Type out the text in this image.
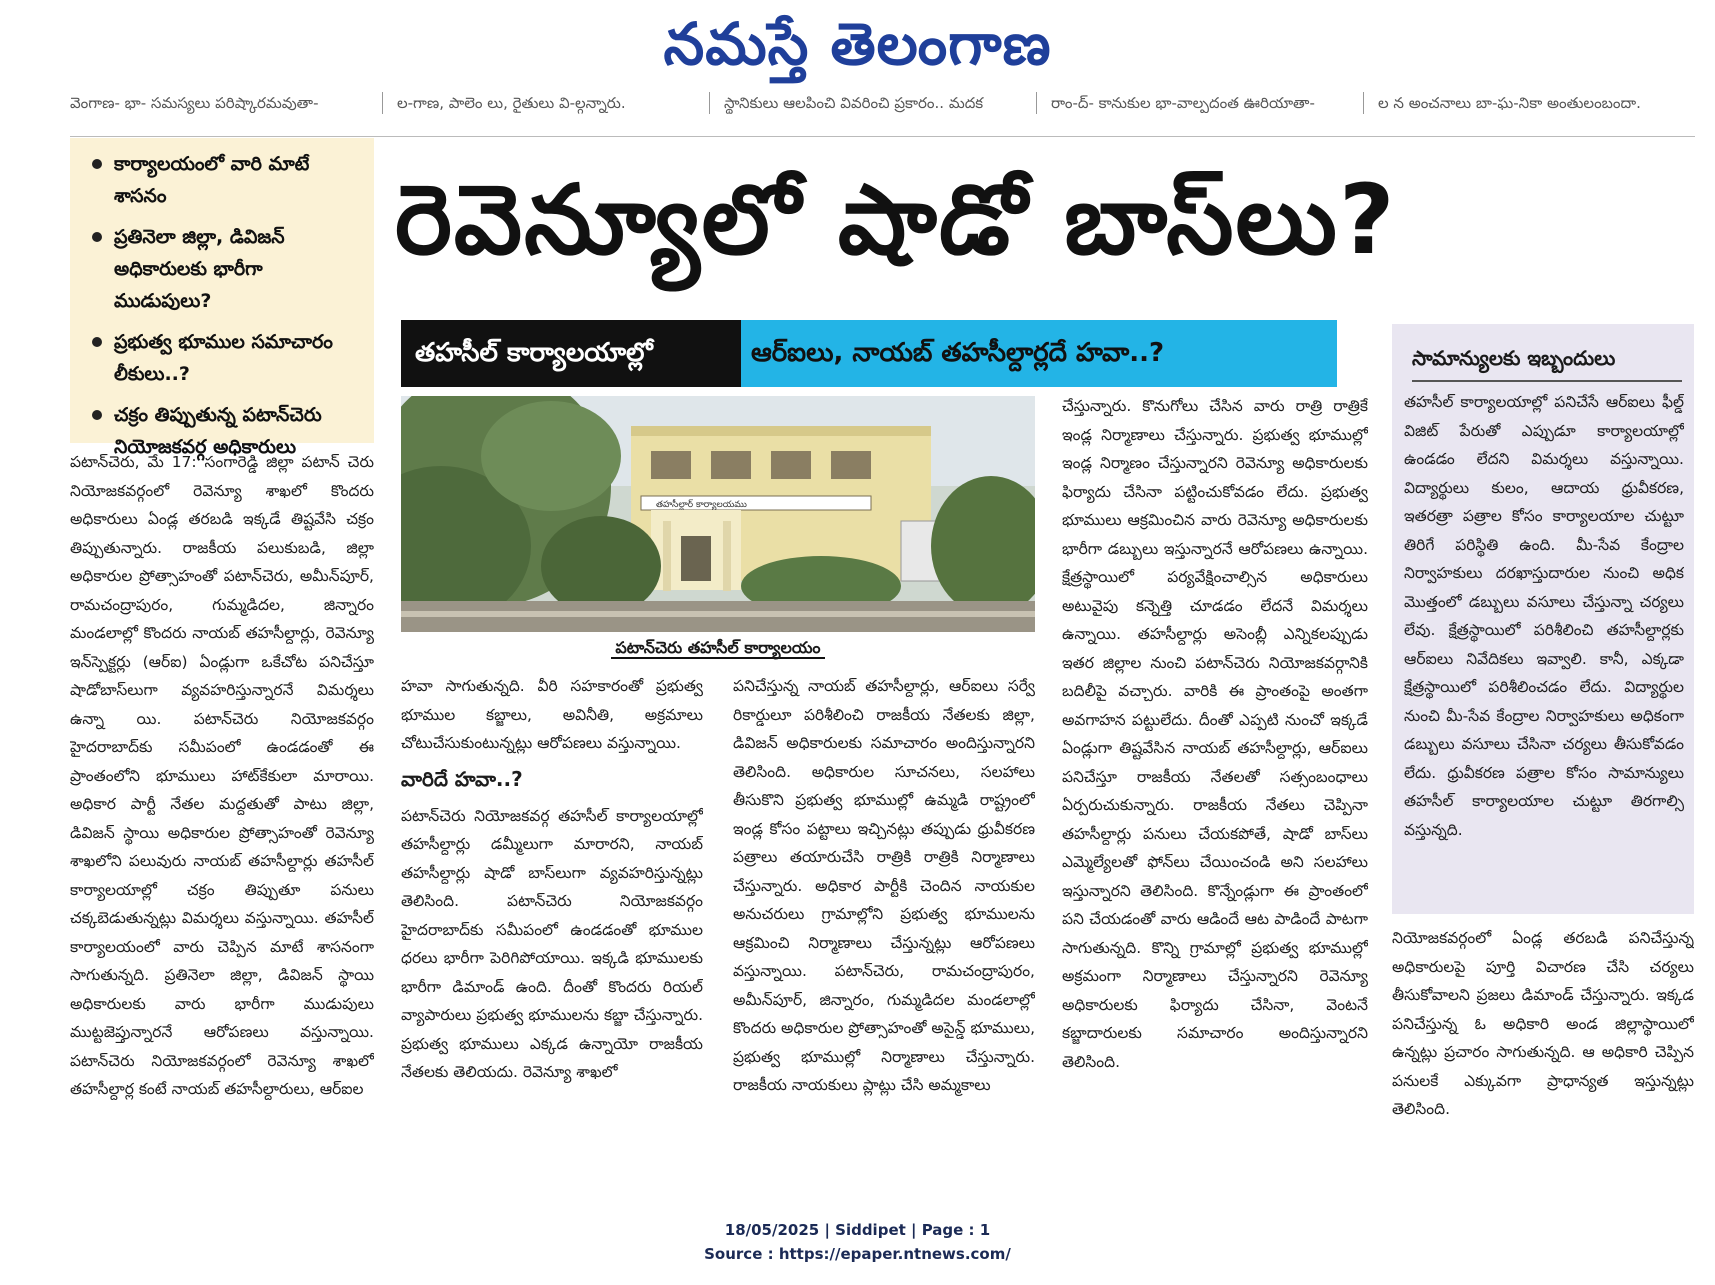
నమస్తే తెలంగాణ
వెంగాణ- భా- సమస్యలు పరిష్కారమవుతా-	ల-గాణ, పాలెం లు, రైతులు వి-ల్గన్నారు.	స్థానికులు ఆలపించి వివరించి ప్రకారం.. మదక	రాం-ద్- కానుకుల భా-వాల్పదంత ఊరియాతా-	ల న అంచనాలు బా-ఘ-నికా అంతులంబందా.
కార్యాలయంలో వారి మాటే శాసనం
ప్రతినెలా జిల్లా, డివిజన్ అధికారులకు భారీగా ముడుపులు?
ప్రభుత్వ భూముల సమాచారం లీకులు..?
చక్రం తిప్పుతున్న పటాన్‌చెరు నియోజకవర్గ అధికారులు
రెవెన్యూలో షాడో బాస్‌లు?
తహసీల్ కార్యాలయాల్లో	ఆర్‌ఐలు, నాయబ్ తహసీల్దార్లదే హవా..?
తహసీల్దార్ కార్యాలయము
పటాన్‌చెరు తహసీల్ కార్యాలయం
పటాన్‌చెరు, మే 17: సంగారెడ్డి జిల్లా పటాన్ చెరు నియోజకవర్గంలో రెవెన్యూ శాఖలో కొందరు అధికారులు ఏండ్ల తరబడి ఇక్కడే తిష్టవేసి చక్రం తిప్పుతున్నారు. రాజకీయ పలుకుబడి, జిల్లా అధికారుల ప్రోత్సాహంతో పటాన్‌చెరు, అమీన్‌పూర్, రామచంద్రాపురం, గుమ్మడిదల, జిన్నారం మండలాల్లో కొందరు నాయబ్ తహసీల్దార్లు, రెవెన్యూ ఇన్‌స్పెక్టర్లు (ఆర్‌ఐ) ఏండ్లుగా ఒకేచోట పనిచేస్తూ షాడోబాస్‌లుగా వ్యవహరిస్తున్నారనే విమర్శలు ఉన్నా యి. పటాన్‌చెరు నియోజకవర్గం హైదరాబాద్‌కు సమీపంలో ఉండడంతో ఈ ప్రాంతంలోని భూములు హాట్‌కేకులా మారాయి. అధికార పార్టీ నేతల మద్దతుతో పాటు జిల్లా, డివిజన్ స్థాయి అధికారుల ప్రోత్సాహంతో రెవెన్యూ శాఖలోని పలువురు నాయబ్ తహసీల్దార్లు తహసీల్ కార్యాలయాల్లో చక్రం తిప్పుతూ పనులు చక్కబెడుతున్నట్లు విమర్శలు వస్తున్నాయి. తహసీల్ కార్యాలయంలో వారు చెప్పిన మాటే శాసనంగా సాగుతున్నది. ప్రతినెలా జిల్లా, డివిజన్ స్థాయి అధికారులకు వారు భారీగా ముడుపులు ముట్టజెప్తున్నారనే ఆరోపణలు వస్తున్నాయి. పటాన్‌చెరు నియోజకవర్గంలో రెవెన్యూ శాఖలో తహసీల్దార్ల కంటే నాయబ్ తహసీల్దారులు, ఆర్‌ఐల
హవా సాగుతున్నది. వీరి సహకారంతో ప్రభుత్వ భూముల కబ్జాలు, అవినీతి, అక్రమాలు చోటుచేసుకుంటున్నట్లు ఆరోపణలు వస్తున్నాయి.
వారిదే హవా..?
పటాన్‌చెరు నియోజకవర్గ తహసీల్ కార్యాలయాల్లో తహసీల్దార్లు డమ్మీలుగా మారారని, నాయబ్ తహసీల్దార్లు షాడో బాస్‌లుగా వ్యవహరిస్తున్నట్లు తెలిసింది. పటాన్‌చెరు నియోజకవర్గం హైదరాబాద్‌కు సమీపంలో ఉండడంతో భూముల ధరలు భారీగా పెరిగిపోయాయి. ఇక్కడి భూములకు భారీగా డిమాండ్ ఉంది. దీంతో కొందరు రియల్ వ్యాపారులు ప్రభుత్వ భూములను కబ్జా చేస్తున్నారు. ప్రభుత్వ భూములు ఎక్కడ ఉన్నాయో రాజకీయ నేతలకు తెలియదు. రెవెన్యూ శాఖలో
పనిచేస్తున్న నాయబ్ తహసీల్దార్లు, ఆర్‌ఐలు సర్వే రికార్డులూ పరిశీలించి రాజకీయ నేతలకు జిల్లా, డివిజన్ అధికారులకు సమాచారం అందిస్తున్నారని తెలిసింది. అధికారుల సూచనలు, సలహాలు తీసుకొని ప్రభుత్వ భూముల్లో ఉమ్మడి రాష్ట్రంలో ఇండ్ల కోసం పట్టాలు ఇచ్చినట్లు తప్పుడు ధ్రువీకరణ పత్రాలు తయారుచేసి రాత్రికి రాత్రికి నిర్మాణాలు చేస్తున్నారు. అధికార పార్టీకి చెందిన నాయకుల అనుచరులు గ్రామాల్లోని ప్రభుత్వ భూములను ఆక్రమించి నిర్మాణాలు చేస్తున్నట్లు ఆరోపణలు వస్తున్నాయి. పటాన్‌చెరు, రామచంద్రాపురం, అమీన్‌పూర్, జిన్నారం, గుమ్మడిదల మండలాల్లో కొందరు అధికారుల ప్రోత్సాహంతో అసైన్డ్ భూములు, ప్రభుత్వ భూముల్లో నిర్మాణాలు చేస్తున్నారు. రాజకీయ నాయకులు ప్లాట్లు చేసి అమ్మకాలు
చేస్తున్నారు. కొనుగోలు చేసిన వారు రాత్రి రాత్రికే ఇండ్ల నిర్మాణాలు చేస్తున్నారు. ప్రభుత్వ భూముల్లో ఇండ్ల నిర్మాణం చేస్తున్నారని రెవెన్యూ అధికారులకు ఫిర్యాదు చేసినా పట్టించుకోవడం లేదు. ప్రభుత్వ భూములు ఆక్రమించిన వారు రెవెన్యూ అధికారులకు భారీగా డబ్బులు ఇస్తున్నారనే ఆరోపణలు ఉన్నాయి. క్షేత్రస్థాయిలో పర్యవేక్షించాల్సిన అధికారులు అటువైపు కన్నెత్తి చూడడం లేదనే విమర్శలు ఉన్నాయి. తహసీల్దార్లు అసెంబ్లీ ఎన్నికలప్పుడు ఇతర జిల్లాల నుంచి పటాన్‌చెరు నియోజకవర్గానికి బదిలీపై వచ్చారు. వారికి ఈ ప్రాంతంపై అంతగా అవగాహన పట్టులేదు. దీంతో ఎప్పటి నుంచో ఇక్కడే ఏండ్లుగా తిష్టవేసిన నాయబ్ తహసీల్దార్లు, ఆర్‌ఐలు పనిచేస్తూ రాజకీయ నేతలతో సత్సంబంధాలు ఏర్పరుచుకున్నారు. రాజకీయ నేతలు చెప్పినా తహసీల్దార్లు పనులు చేయకపోతే, షాడో బాస్‌లు ఎమ్మెల్యేలతో ఫోన్‌లు చేయించండి అని సలహాలు ఇస్తున్నారని తెలిసింది. కొన్నేండ్లుగా ఈ ప్రాంతంలో పని చేయడంతో వారు ఆడిందే ఆట పాడిందే పాటగా సాగుతున్నది. కొన్ని గ్రామాల్లో ప్రభుత్వ భూముల్లో అక్రమంగా నిర్మాణాలు చేస్తున్నారని రెవెన్యూ అధికారులకు ఫిర్యాదు చేసినా, వెంటనే కబ్జాదారులకు సమాచారం అందిస్తున్నారని తెలిసింది.
సామాన్యులకు ఇబ్బందులు
తహసీల్ కార్యాలయాల్లో పనిచేసే ఆర్‌ఐలు ఫీల్డ్ విజిట్ పేరుతో ఎప్పుడూ కార్యాలయాల్లో ఉండడం లేదని విమర్శలు వస్తున్నాయి. విద్యార్థులు కులం, ఆదాయ ధ్రువీకరణ, ఇతరత్రా పత్రాల కోసం కార్యాలయాల చుట్టూ తిరిగే పరిస్థితి ఉంది. మీ-సేవ కేంద్రాల నిర్వాహకులు దరఖాస్తుదారుల నుంచి అధిక మొత్తంలో డబ్బులు వసూలు చేస్తున్నా చర్యలు లేవు. క్షేత్రస్థాయిలో పరిశీలించి తహసీల్దార్లకు ఆర్‌ఐలు నివేదికలు ఇవ్వాలి. కానీ, ఎక్కడా క్షేత్రస్థాయిలో పరిశీలించడం లేదు. విద్యార్థుల నుంచి మీ-సేవ కేంద్రాల నిర్వాహకులు అధికంగా డబ్బులు వసూలు చేసినా చర్యలు తీసుకోవడం లేదు. ధ్రువీకరణ పత్రాల కోసం సామాన్యులు తహసీల్ కార్యాలయాల చుట్టూ తిరగాల్సి వస్తున్నది.
నియోజకవర్గంలో ఏండ్ల తరబడి పనిచేస్తున్న అధికారులపై పూర్తి విచారణ చేసి చర్యలు తీసుకోవాలని ప్రజలు డిమాండ్ చేస్తున్నారు. ఇక్కడ పనిచేస్తున్న ఓ అధికారి అండ జిల్లాస్థాయిలో ఉన్నట్లు ప్రచారం సాగుతున్నది. ఆ అధికారి చెప్పిన పనులకే ఎక్కువగా ప్రాధాన్యత ఇస్తున్నట్లు తెలిసింది.
18/05/2025 | Siddipet | Page : 1
Source : https://epaper.ntnews.com/
